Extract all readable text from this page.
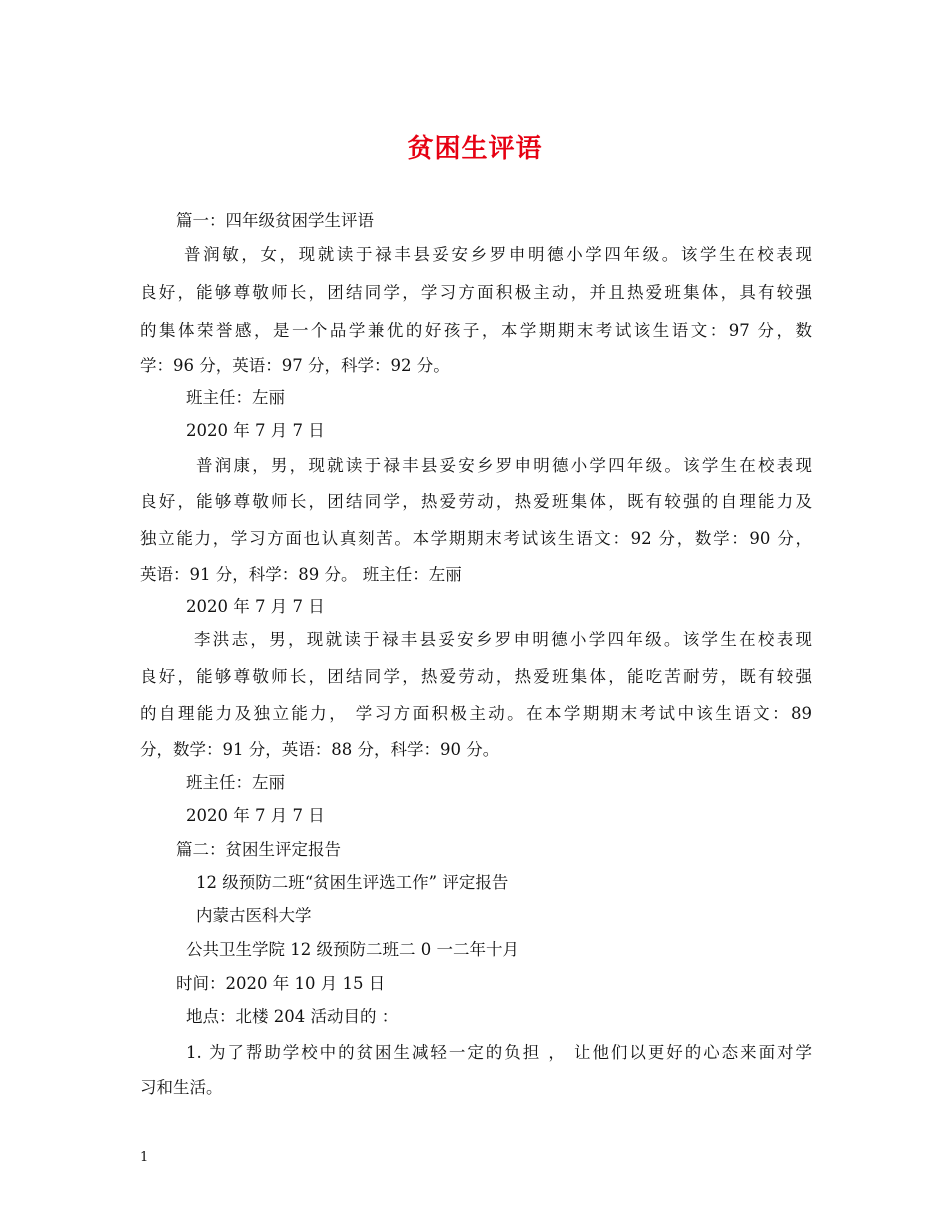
贫困生评语
篇一：四年级贫困学生评语
普润敏，女，现就读于禄丰县妥安乡罗申明德小学四年级。该学生在校表现
良好，能够尊敬师长，团结同学，学习方面积极主动，并且热爱班集体，具有较强
的集体荣誉感，是一个品学兼优的好孩子，本学期期末考试该生语文：97 分，数
学：96 分，英语：97 分，科学：92 分。
班主任：左丽
2020 年 7 月 7 日
普润康，男，现就读于禄丰县妥安乡罗申明德小学四年级。该学生在校表现
良好，能够尊敬师长，团结同学，热爱劳动，热爱班集体，既有较强的自理能力及
独立能力，学习方面也认真刻苦。本学期期末考试该生语文：92 分，数学：90 分，
英语：91 分，科学：89 分。 班主任：左丽
2020 年 7 月 7 日
李洪志，男，现就读于禄丰县妥安乡罗申明德小学四年级。该学生在校表现
良好，能够尊敬师长，团结同学，热爱劳动，热爱班集体，能吃苦耐劳，既有较强
的自理能力及独立能力， 学习方面积极主动。在本学期期末考试中该生语文：89
分，数学：91 分，英语：88 分，科学：90 分。
班主任：左丽
2020 年 7 月 7 日
篇二：贫困生评定报告
12 级预防二班“贫困生评选工作” 评定报告
内蒙古医科大学
公共卫生学院 12 级预防二班二 0 一二年十月
时间：2020 年 10 月 15 日
地点：北楼 204 活动目的 ：
1. 为了帮助学校中的贫困生减轻一定的负担 ， 让他们以更好的心态来面对学
习和生活。
1
